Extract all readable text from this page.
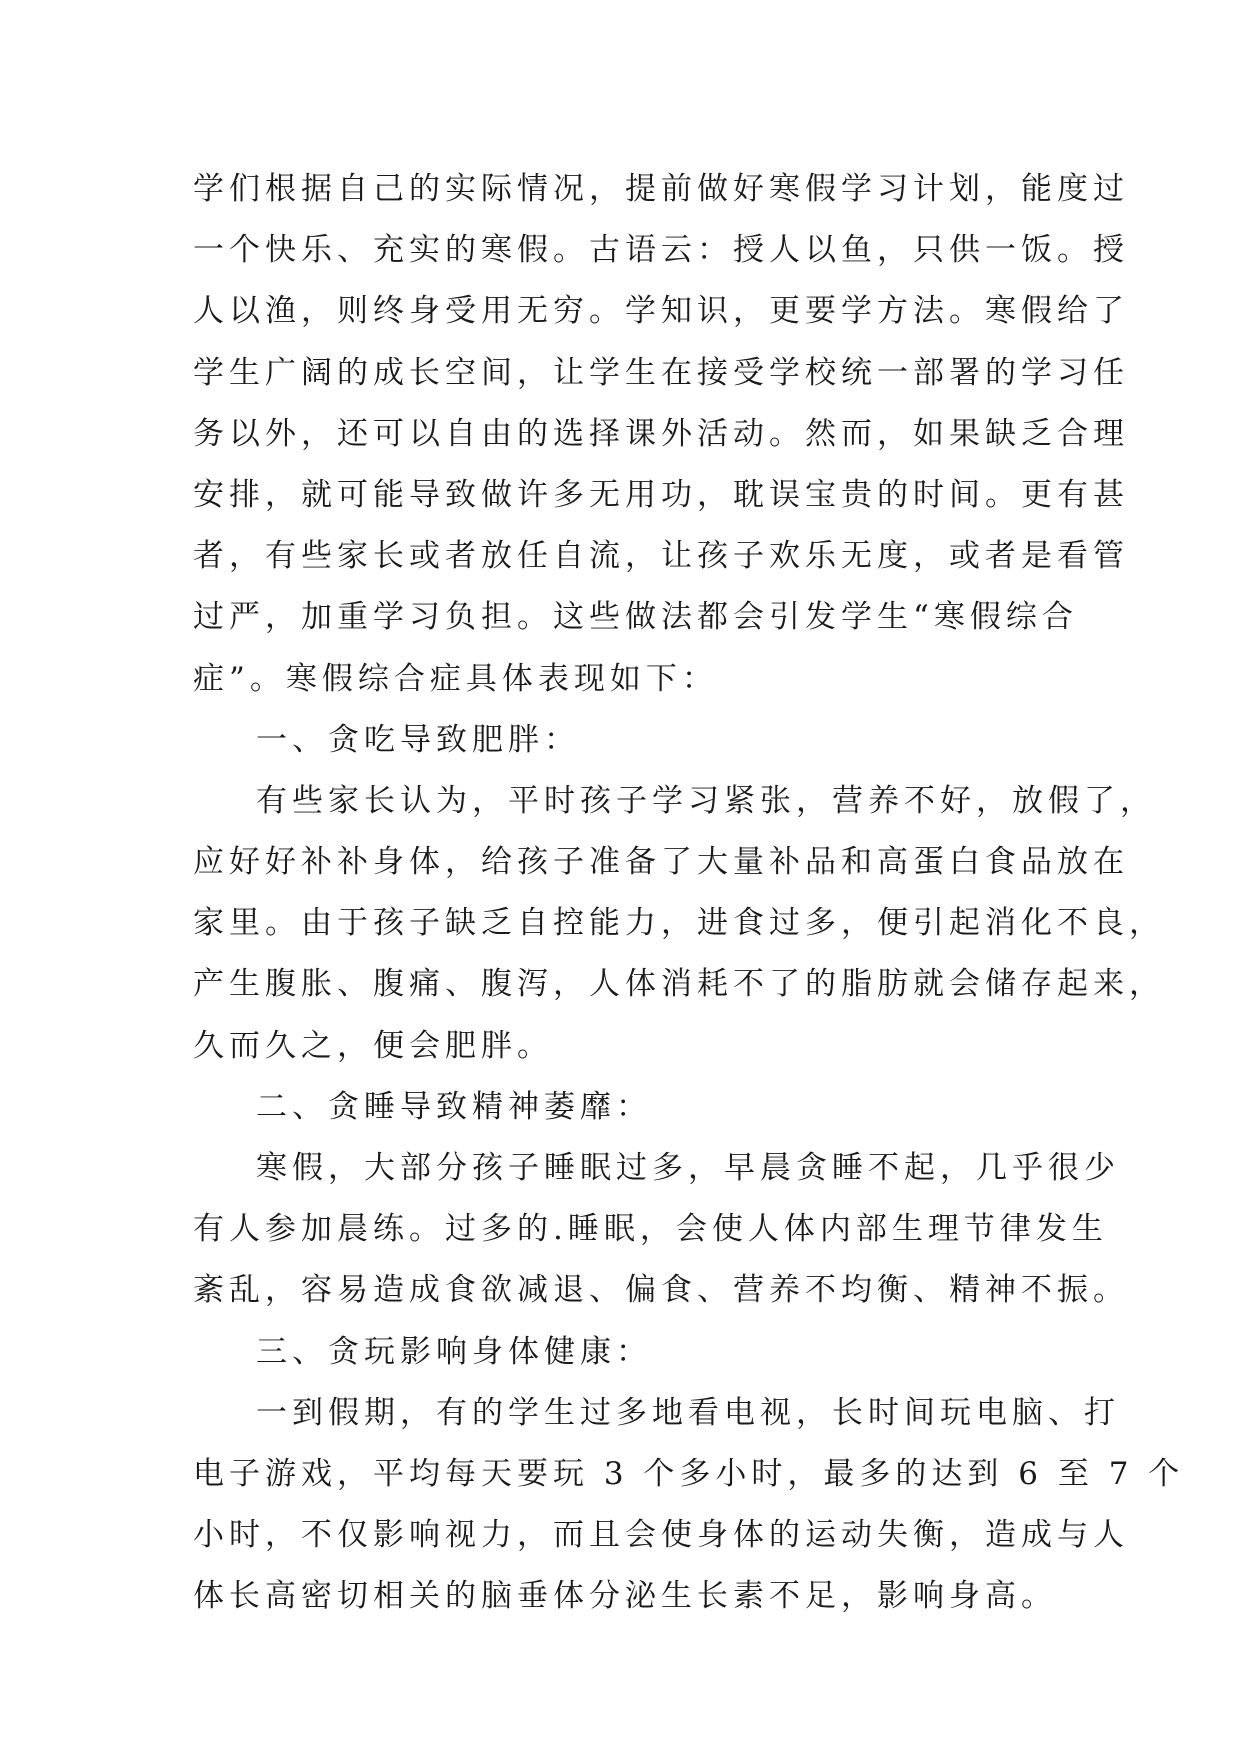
学们根据自己的实际情况，提前做好寒假学习计划，能度过
一个快乐、充实的寒假。古语云：授人以鱼，只供一饭。授
人以渔，则终身受用无穷。学知识，更要学方法。寒假给了
学生广阔的成长空间，让学生在接受学校统一部署的学习任
务以外，还可以自由的选择课外活动。然而，如果缺乏合理
安排，就可能导致做许多无用功，耽误宝贵的时间。更有甚
者，有些家长或者放任自流，让孩子欢乐无度，或者是看管
过严，加重学习负担。这些做法都会引发学生“寒假综合
症”。寒假综合症具体表现如下：
一、贪吃导致肥胖：
有些家长认为，平时孩子学习紧张，营养不好，放假了，
应好好补补身体，给孩子准备了大量补品和高蛋白食品放在
家里。由于孩子缺乏自控能力，进食过多，便引起消化不良，
产生腹胀、腹痛、腹泻，人体消耗不了的脂肪就会储存起来，
久而久之，便会肥胖。
二、贪睡导致精神萎靡：
寒假，大部分孩子睡眠过多，早晨贪睡不起，几乎很少
有人参加晨练。过多的.睡眠，会使人体内部生理节律发生
紊乱，容易造成食欲减退、偏食、营养不均衡、精神不振。
三、贪玩影响身体健康：
一到假期，有的学生过多地看电视，长时间玩电脑、打
电子游戏，平均每天要玩 3 个多小时，最多的达到 6 至 7 个
小时，不仅影响视力，而且会使身体的运动失衡，造成与人
体长高密切相关的脑垂体分泌生长素不足，影响身高。
